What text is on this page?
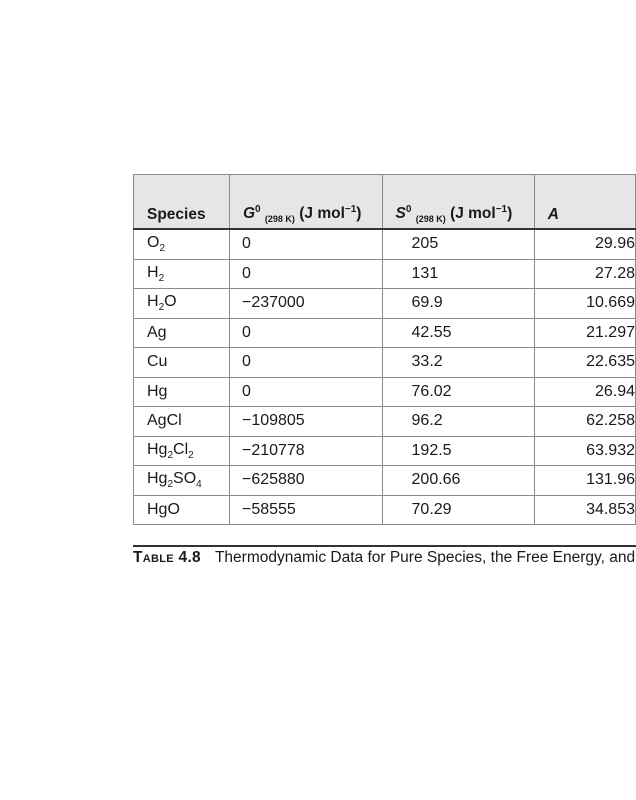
Species	$G^0$ $_{(298 K)}$ (J mol$^{-1}$)	$S^0$ $_{(298 K)}$ (J mol$^{-1}$)	A
$O_2$	0	205	29.96
$H_2$	0	131	27.28
$H_2O$	−237000	69.9	10.669
Ag	0	42.55	21.297
Cu	0	33.2	22.635
Hg	0	76.02	26.94
AgCl	−109805	96.2	62.258
$Hg_2Cl_2$	−210778	192.5	63.932
$Hg_2SO_4$	−625880	200.66	131.96
HgO	−58555	70.29	34.853
Table 4.8 Thermodynamic Data for Pure Species, the Free Energy, and
